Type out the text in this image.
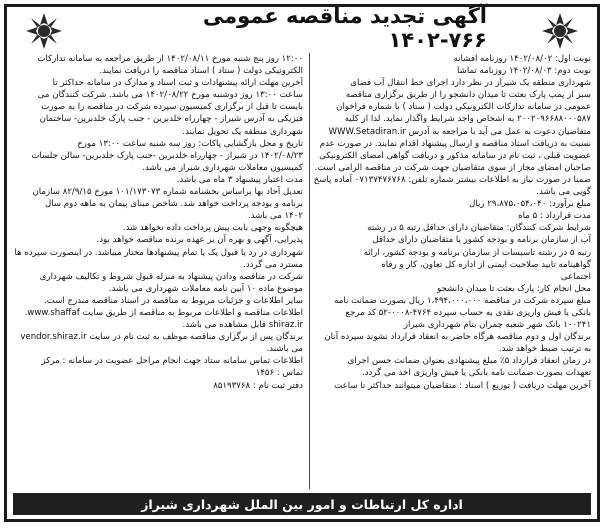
آگهی تجدید مناقصه عمومی ۷۶۶-۱۴۰۲

نوبت اول: ۱۴۰۲/۰۸/۰۲ روزنامه افشانه

نوبت دوم: ۱۴۰۲/۰۸/۰۳ روزنامه تماشا

شهرداری منطقه یک شیراز در نظر دارد اجرای خط انتقال آب فضای

سبز از پمپ پارک بعثت تا میدان دانشجو را از طریق برگزاری مناقصه

عمومی در سامانه تدارکات الکترونیکی دولت ( ستاد ) با شماره فراخوان

۲۰۰۲۰۹۶۶۸۸۰۰۰۵۸۷ به اشخاص واجد شرایط واگذار نماید. لذا از کلیه

متقاضیان دعوت به عمل می آید با مراجعه به آدرس WWW.Setadiran.ir

نسبت به دریافت اسناد مناقصه و ارسال پیشنهاد اقدام نمایند. در صورت عدم

عضویت قبلی ، ثبت نام در سامانه مذکور و دریافت گواهی امضای الکترونیکی

صاحبان امضای مجاز از سوی متقاضیان جهت شرکت در مناقصه الزامی است.

ضمنا در صورت نیاز به اطلاعات بیشتر شماره تلفن: ۰۷۱۳۷۴۷۶۷۶۸ آماده پاسخ

گویی می باشد.

مبلغ برآورد: ۲۹،۸۷۵،۰۵۴،۰۴۰ ریال

مدت قرارداد : ۵ ماه

شرایط شرکت کنندگان: متقاضیان دارای حداقل رتبه ۵ در رشته

آب از سازمان برنامه و بودجه کشور یا متقاضیان دارای حداقل

رتبه ۵ در رشته تاسیسات از سازمان برنامه و بودجه کشور، ارائه

گواهینامه تایید صلاحیت ایمنی از اداره کل تعاون، کار و رفاه

اجتماعی

محل انجام کار: پارک بعثت تا میدان دانشجو

مبلغ سپرده شرکت در مناقصه ۱،۴۹۴،۰۰۰،۰۰۰ ریال بصورت ضمانت نامه

بانکی یا فیش واریزی نقدی به حساب سپرده ۴۷۶۴-۰۰۰۸-۵۲ کد مرجع

۱۰۰۲۴۱ بانک شهر شعبه چمران بنام شهرداری شیراز

برندگان اول و دوم مناقصه هرگاه حاضر به انعقاد قرارداد نشوند سپرده آنان

به ترتیب ضبط خواهد شد.

در زمان انعقاد قرارداد ۵٪ مبلغ پیشنهادی بعنوان ضمانت حسن اجرای

تعهدات بصورت ضمانت نامه بانکی یا فیش واریزی اخذ می گردد.

آخرین مهلت دریافت ( توزیع ) اسناد : متقاضیان میتوانند حداکثر تا ساعت

۱۲:۰۰ روز پنج شنبه مورخ ۱۴۰۲/۰۸/۱۱ از طریق مراجعه به سامانه تدارکات

الکترونیکی دولت ( ستاد ) اسناد مناقصه را دریافت نمایند.

آخرین مهلت ارائه پیشنهادات و ثبت اسناد و مدارک در سامانه حداکثر تا

ساعت ۱۳:۰۰ روز دوشنبه مورخ ۱۴۰۲/۰۸/۲۲ می باشد. شرکت کنندگان می

بایست تا قبل از برگزاری کمیسیون سپرده شرکت در مناقصه را به صورت

فیزیکی به آدرس شیراز - چهارراه خلدبرین - جنب پارک خلدبرین- ساختمان

شهرداری منطقه یک تحویل نمایند.

تاریخ و محل بازگشایی پاکات: روز سه شنبه ساعت ۱۳:۰۰ مورخ

۱۴۰۲/۰۸/۲۳ در شیراز - چهارراه خلدبرین -جنب پارک خلدبرین- سالن جلسات

کمیسیون معاملات شهرداری شیراز می باشد.

مدت اعتبار پیشنهاد ۳ ماه می باشد.

تعدیل آحاد بها براساس بخشنامه شماره ۱۰۱/۱۷۳۰۷۳ مورخ ۸۲/۹/۱۵ سازمان

برنامه و بودجه پرداخت خواهد شد. شاخص مبنای پیمان به ماهه دوم سال

۱۴۰۲ می باشد.

هیچگونه وجهی بابت پیش پرداخت داده نخواهد شد.

پذیرایی، آگهی و بهره آن بر عهده برنده مناقصه خواهد بود.

شهرداری در رد یا قبول یک یا تمام پیشنهادها مختار میباشد. در اینصورت سپرده ها

مسترد می گردد.

شرکت در مناقصه ودادن پیشنهاد به منزله قبول شروط و تکالیف شهرداری

موضوع ماده ۱۰ آیین نامه معاملات شهرداری می باشد.

سایر اطلاعات و جزئیات مربوط به مناقصه در اسناد مناقصه مندرج است.

اطلاعات مناقصه و اطلاعات مربوط به مناقصه از طریق سایت www.shaffaf.

shiraz.ir قابل مشاهده می باشد.

برندگان پس از برگزاری مناقصه موظف به ثبت نام در سایت vendor.shiraz.ir

می باشند.

اطلاعات تماس سامانه ستاد جهت انجام مراحل عضویت در سامانه : مرکز

تماس : ۱۴۵۶

دفتر ثبت نام : ۸۵۱۹۳۷۶۸

اداره کل ارتباطات و امور بین الملل شهرداری شیراز
